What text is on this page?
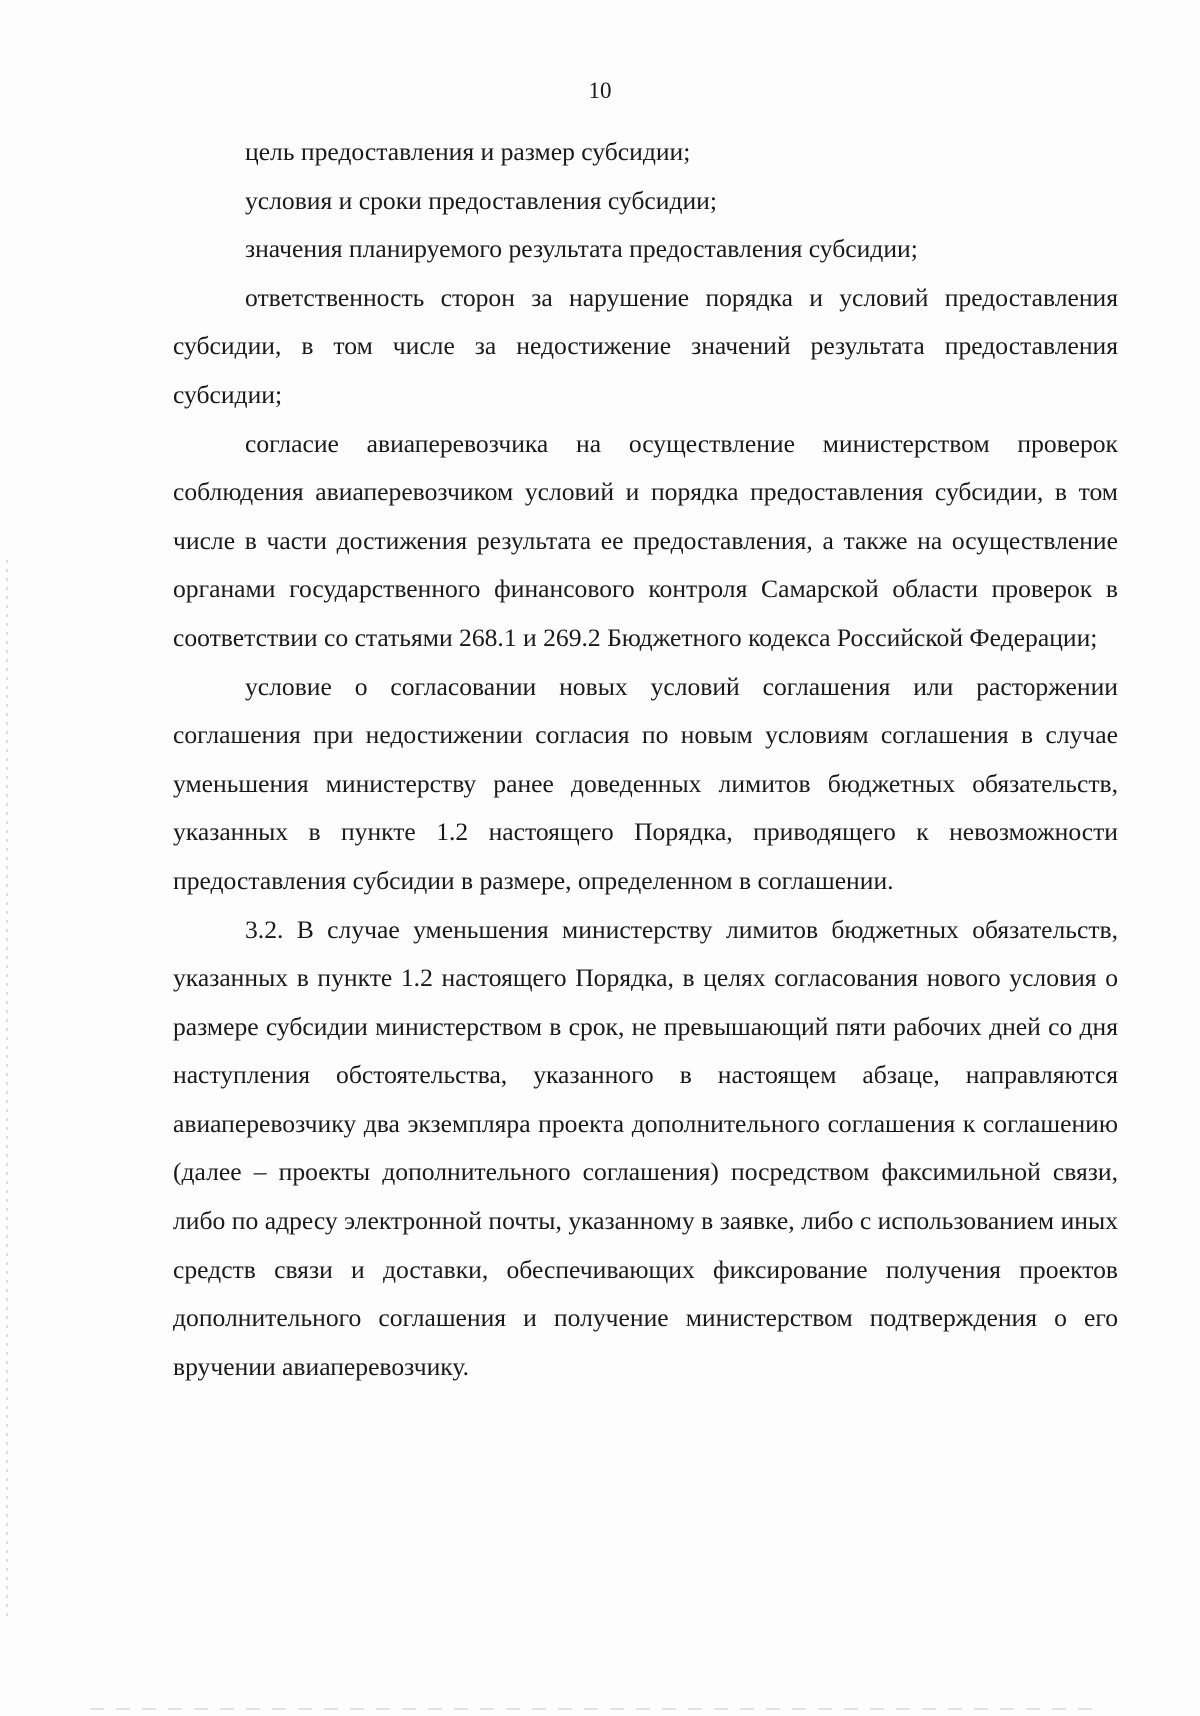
10

цель предоставления и размер субсидии;

условия и сроки предоставления субсидии;

значения планируемого результата предоставления субсидии;

ответственность сторон за нарушение порядка и условий предоставления субсидии, в том числе за недостижение значений результата предоставления субсидии;

согласие авиаперевозчика на осуществление министерством проверок соблюдения авиаперевозчиком условий и порядка предоставления субсидии, в том числе в части достижения результата ее предоставления, а также на осуществление органами государственного финансового контроля Самарской области проверок в соответствии со статьями 268.1 и 269.2 Бюджетного кодекса Российской Федерации;

условие о согласовании новых условий соглашения или расторжении соглашения при недостижении согласия по новым условиям соглашения в случае уменьшения министерству ранее доведенных лимитов бюджетных обязательств, указанных в пункте 1.2 настоящего Порядка, приводящего к невозможности предоставления субсидии в размере, определенном в соглашении.

3.2. В случае уменьшения министерству лимитов бюджетных обязательств, указанных в пункте 1.2 настоящего Порядка, в целях согласования нового условия о размере субсидии министерством в срок, не превышающий пяти рабочих дней со дня наступления обстоятельства, указанного в настоящем абзаце, направляются авиаперевозчику два экземпляра проекта дополнительного соглашения к соглашению (далее – проекты дополнительного соглашения) посредством факсимильной связи, либо по адресу электронной почты, указанному в заявке, либо с использованием иных средств связи и доставки, обеспечивающих фиксирование получения проектов дополнительного соглашения и получение министерством подтверждения о его вручении авиаперевозчику.
